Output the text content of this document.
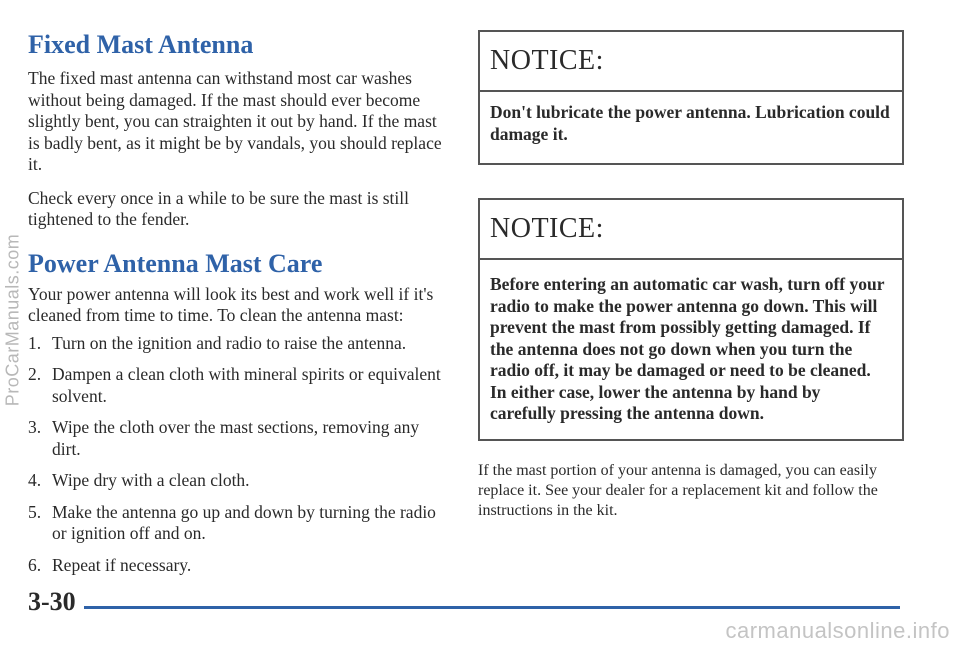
ProCarManuals.com
Fixed Mast Antenna

The fixed mast antenna can withstand most car washes without being damaged. If the mast should ever become slightly bent, you can straighten it out by hand. If the mast is badly bent, as it might be by vandals, you should replace it.

Check every once in a while to be sure the mast is still tightened to the fender.

Power Antenna Mast Care

Your power antenna will look its best and work well if it's cleaned from time to time. To clean the antenna mast:

1. Turn on the ignition and radio to raise the antenna.
2. Dampen a clean cloth with mineral spirits or equivalent solvent.
3. Wipe the cloth over the mast sections, removing any dirt.
4. Wipe dry with a clean cloth.
5. Make the antenna go up and down by turning the radio or ignition off and on.
6. Repeat if necessary.
NOTICE:
Don't lubricate the power antenna. Lubrication could damage it.
NOTICE:
Before entering an automatic car wash, turn off your radio to make the power antenna go down. This will prevent the mast from possibly getting damaged. If the antenna does not go down when you turn the radio off, it may be damaged or need to be cleaned. In either case, lower the antenna by hand by carefully pressing the antenna down.

If the mast portion of your antenna is damaged, you can easily replace it. See your dealer for a replacement kit and follow the instructions in the kit.

3-30
carmanualsonline.info
